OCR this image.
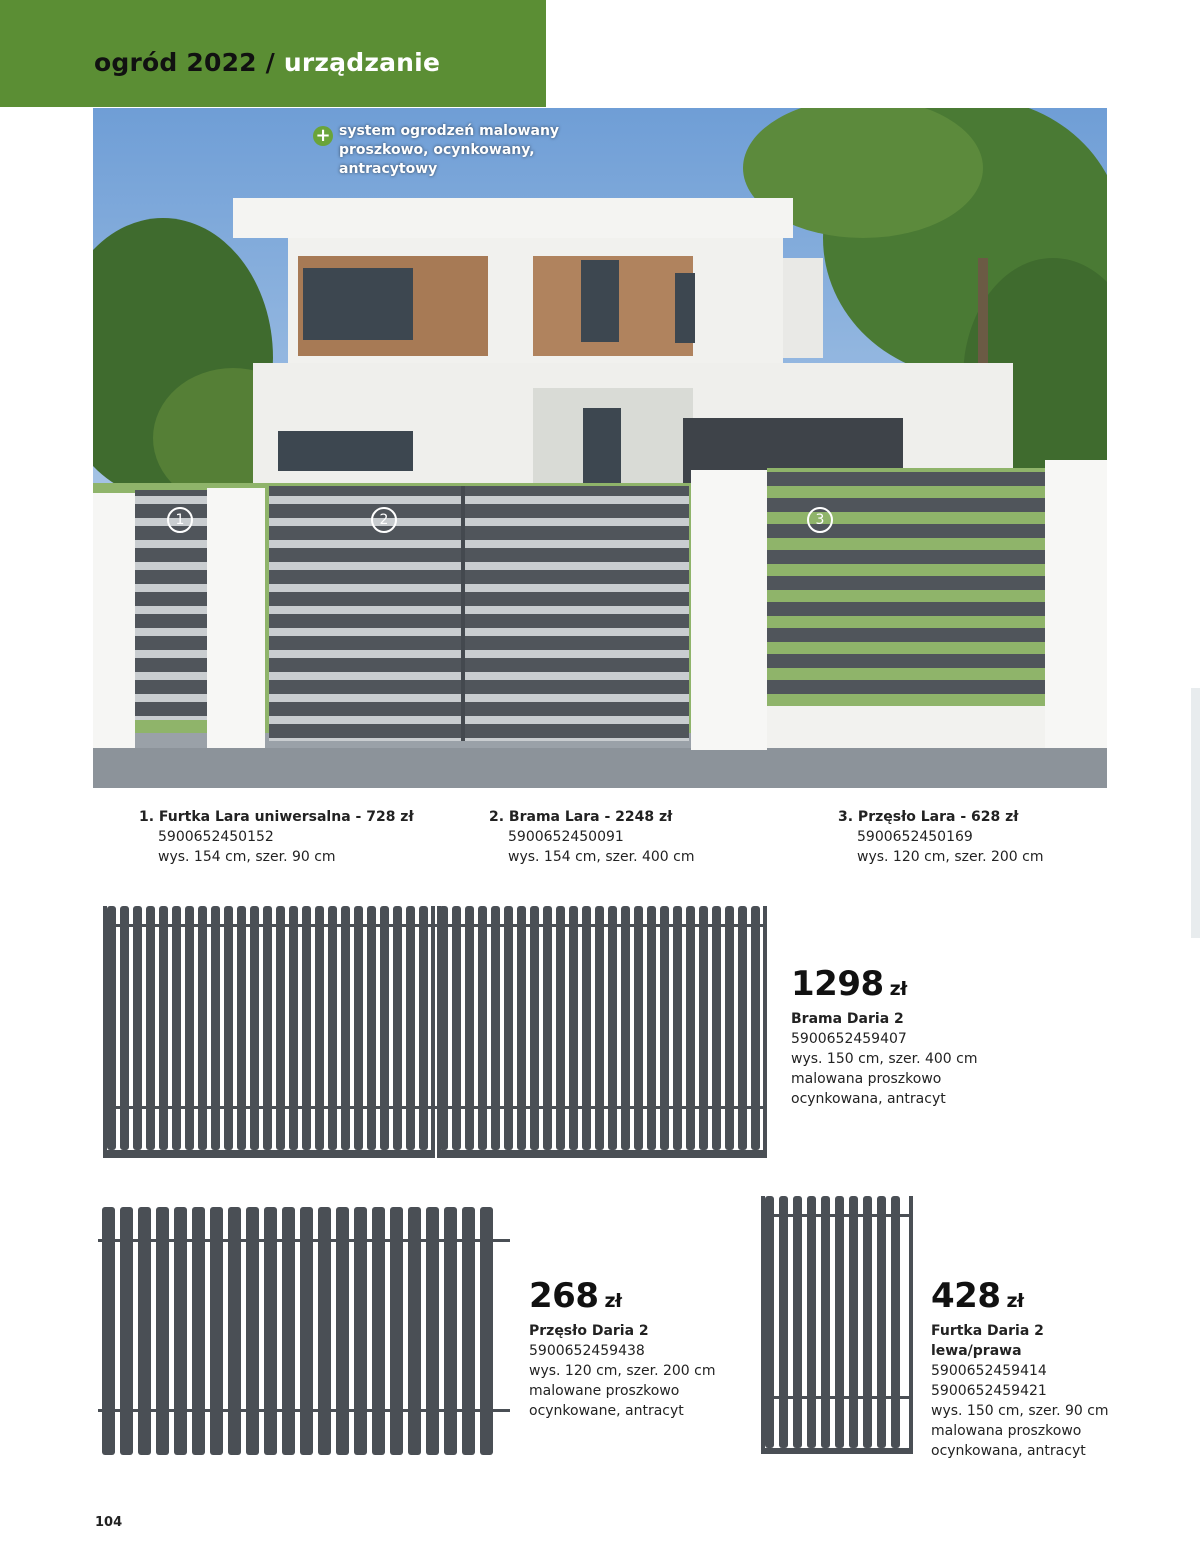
ogród 2022 / urządzanie
+ system ogrodzeń malowany proszkowo, ocynkowany, antracytowy
1	2	3
1. Furtka Lara uniwersalna - 728 zł
5900652450152
wys. 154 cm, szer. 90 cm
2. Brama Lara - 2248 zł
5900652450091
wys. 154 cm, szer. 400 cm
3. Przęsło Lara - 628 zł
5900652450169
wys. 120 cm, szer. 200 cm
1298 zł
Brama Daria 2
5900652459407
wys. 150 cm, szer. 400 cm
malowana proszkowo
ocynkowana, antracyt
268 zł
Przęsło Daria 2
5900652459438
wys. 120 cm, szer. 200 cm
malowane proszkowo
ocynkowane, antracyt
428 zł
Furtka Daria 2
lewa/prawa
5900652459414
5900652459421
wys. 150 cm, szer. 90 cm
malowana proszkowo
ocynkowana, antracyt
104
